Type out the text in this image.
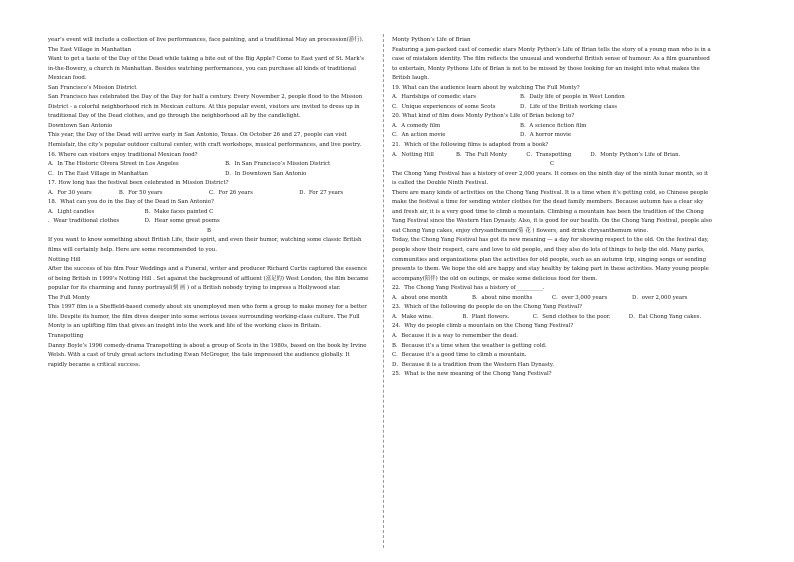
year’s event will include a collection of live performances, face painting, and a traditional May an procession(游行).

The East Village in Manhattan

Want to get a taste of the Day of the Dead while taking a bite out of the Big Apple? Come to East yard of St. Mark’s in-the-Bowery, a church in Manhattan. Besides watching performances, you can purchase all kinds of traditional Mexican food.

San Francisco’s Mission District

San Francisco has celebrated the Day of the Day for half a century. Every November 2, people flood to the Mission District - a colorful neighborhood rich in Mexican culture. At this popular event, visitors are invited to dress up in traditional Day of the Dead clothes, and go through the neighborhood all by the candlelight.

Downtown San Antonio

This year, the Day of the Dead will arrive early in San Antonio, Texas. On October 26 and 27, people can visit Hemisfair, the city’s popular outdoor cultural center, with craft workshops, musical performances, and live poetry.

16. Where can visitors enjoy traditional Mexican food?

A．In The Historic Olvera Street in Los Angeles	B．In San Francisco’s Mission District
C．In The East Village in Manhattan	D．In Downtown San Antonio

17. How long has the festival been celebrated in Mission District?

A．For 30 years	B．For 50 years	C．For 26 years	D．For 27 years

18．What can you do in the Day of the Dead in San Antonio?

A．Light candles	B．Make faces painted C
．Wear traditional clothes	D．Hear some great poems

B

If you want to know something about British Life, their spirit, and even their humor, watching some classic British films will certainly help. Here are some recommended to you.

Notting Hill

After the success of his film Four Weddings and a Funeral, writer and producer Richard Curtis captured the essence of being British in 1999’s Notting Hill . Set against the background of affluent (富足的) West London, the film became popular for its charming and funny portrayal(刻 画 ) of a British nobody trying to impress a Hollywood star.

The Full Monty

This 1997 film is a Sheffield-based comedy about six unemployed men who form a group to make money for a better life. Despite its humor, the film dives deeper into some serious issues surrounding working-class culture. The Full Monty is an uplifting film that gives an insight into the work and life of the working class in Britain.

Transpotting

Danny Boyle’s 1996 comedy-drama Transpotting is about a group of Scots in the 1980s, based on the book by Irvine Welsh. With a cast of truly great actors including Ewan McGregor, the tale impressed the audience globally. It rapidly became a critical success.

Monty Python’s Life of Brian

Featuring a jam-packed cast of comedic stars Monty Python’s Life of Brian tells the story of a young man who is in a case of mistaken identity. The film reflects the unusual and wonderful British sense of humour. As a film guaranteed to entertain, Monty Pythons Life of Brian is not to be missed by those looking for an insight into what makes the British laugh.

19. What can the audience learn about by watching The Full Monty?

A．Hardships of comedic stars	B．Daily life of people in West London
C．Unique experiences of some Scots	D．Life of the British working class

20. What kind of film does Monty Python’s Life of Brian belong to?

A．A comedy film	B．A science fiction film
C．An action movie	D．A horror movie

21．Which of the following films is adapted from a book?

A．Notting Hill	B．The Full Monty	C．Transpotting	D．Monty Python’s Life of Brian.

C

The Chong Yang Festival has a history of over 2,000 years. It comes on the ninth day of the ninth lunar month, so it is called the Double Ninth Festival.

There are many kinds of activities on the Chong Yang Festival. It is a time when it’s getting cold, so Chinese people make the festival a time for sending winter clothes for the dead family members. Because autumn has a clear sky and fresh air, it is a very good time to climb a mountain. Climbing a mountain has been the tradition of the Chong Yang Festival since the Western Han Dynasty. Also, it is good for our health. On the Chong Yang Festival, people also eat Chong Yang cakes, enjoy chrysanthemum(菊 花 ) flowers, and drink chrysanthemum wine.

Today, the Chong Yang Festival has got its new meaning — a day for showing respect to the old. On the festival day, people show their respect, care and love to old people, and they also do lots of things to help the old. Many parks, communities and organizations plan the activities for old people, such as an autumn trip, singing songs or sending presents to them. We hope the old are happy and stay healthy by taking part in these activities. Many young people accompany(陪伴) the old on outings, or make some delicious food for them.

22．The Chong Yang Festival has a history of__________.

A．about one month	B．about nine months	C．over 3,000 years	D．over 2,000 years

23．Which of the following do people do on the Chong Yang Festival?

A．Make wine.	B．Plant flowers.	C．Send clothes to the poor.	D．Eat Chong Yang cakes.

24．Why do people climb a mountain on the Chong Yang Festival?

A．Because it is a way to remember the dead.

B．Because it’s a time when the weather is getting cold.

C．Because it’s a good time to climb a mountain.

D．Because it is a tradition from the Western Han Dynasty.

25．What is the new meaning of the Chong Yang Festival?
